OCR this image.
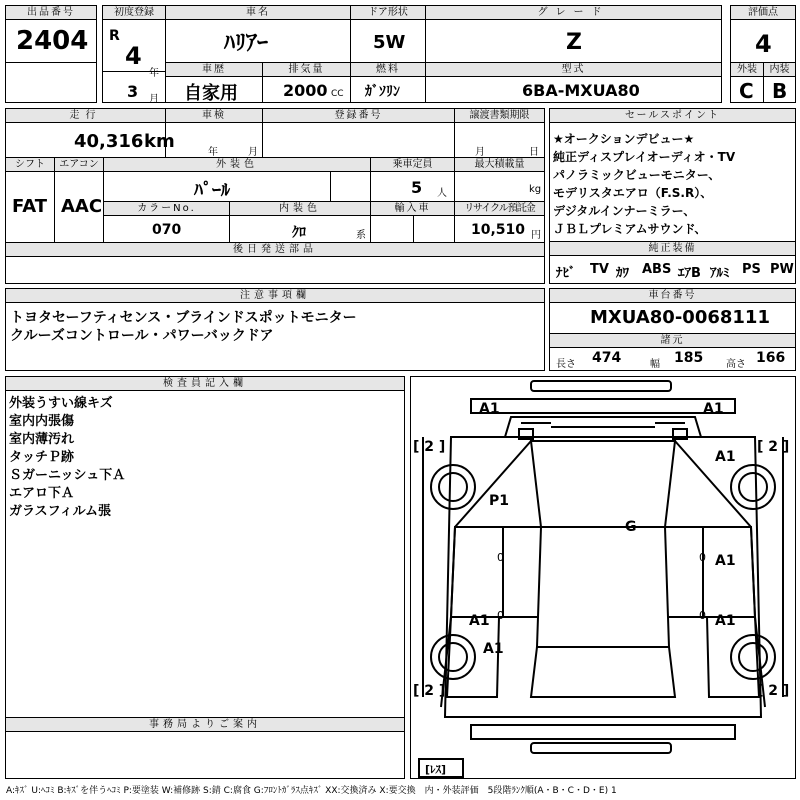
出品番号
2404
初度登録
R
4
年
3 月
車名
ﾊﾘｱｰ
ドア形状
5W
グレード
Z
評価点
4
車歴
自家用
排気量
2000 CC
燃料
ｶﾞｿﾘﾝ
型式
6BA-MXUA80
外装
C
内装
B
走行
40,316 km
車検
年	月
登録番号	譲渡書類期限
月	日
シフト
FAT
エアコン
AAC
外装色
ﾊﾟｰﾙ
乗車定員
5 人
最大積載量
kg
カラーNo.
070
内装色
ｸﾛ	系
輸入車	リサイクル預託金
10,510 円
後日発送部品
セールスポイント
★オークションデビュー★
純正ディスプレイオーディオ・TV
パノラミックビューモニター、
モデリスタエアロ（F.S.R）、
デジタルインナーミラー、
ＪＢＬプレミアムサウンド、
純正装備
ﾅﾋﾞ TV ｶﾜ ABS ｴｱB ｱﾙﾐ PS PW
注意事項欄
トヨタセーフティセンス・ブラインドスポットモニター
クルーズコントロール・パワーバックドア
車台番号
MXUA80-0068111
諸元
長さ 474	幅 185 高さ 166
検査員記入欄
外装うすい線キズ
室内内張傷
室内薄汚れ
タッチＰ跡
Ｓガーニッシュ下Ａ
エアロ下Ａ
ガラスフィルム張
事務局よりご案内
A1	A1
A1
P1
G
A1
A1	A1
A1
[ 2 ]	[ 2 ]
[ 2 ]	[ 2 ]
0	0
0	0
[ﾚｽ]
A:ｷｽﾞ U:ﾍｺﾐ B:ｷｽﾞを伴うﾍｺﾐ P:要塗装 W:補修跡 S:錆 C:腐食 G:ﾌﾛﾝﾄｶﾞﾗｽ点ｷｽﾞ XX:交換済み X:要交換　内・外装評価　5段階ﾗﾝｸ順(A・B・C・D・E) 1
